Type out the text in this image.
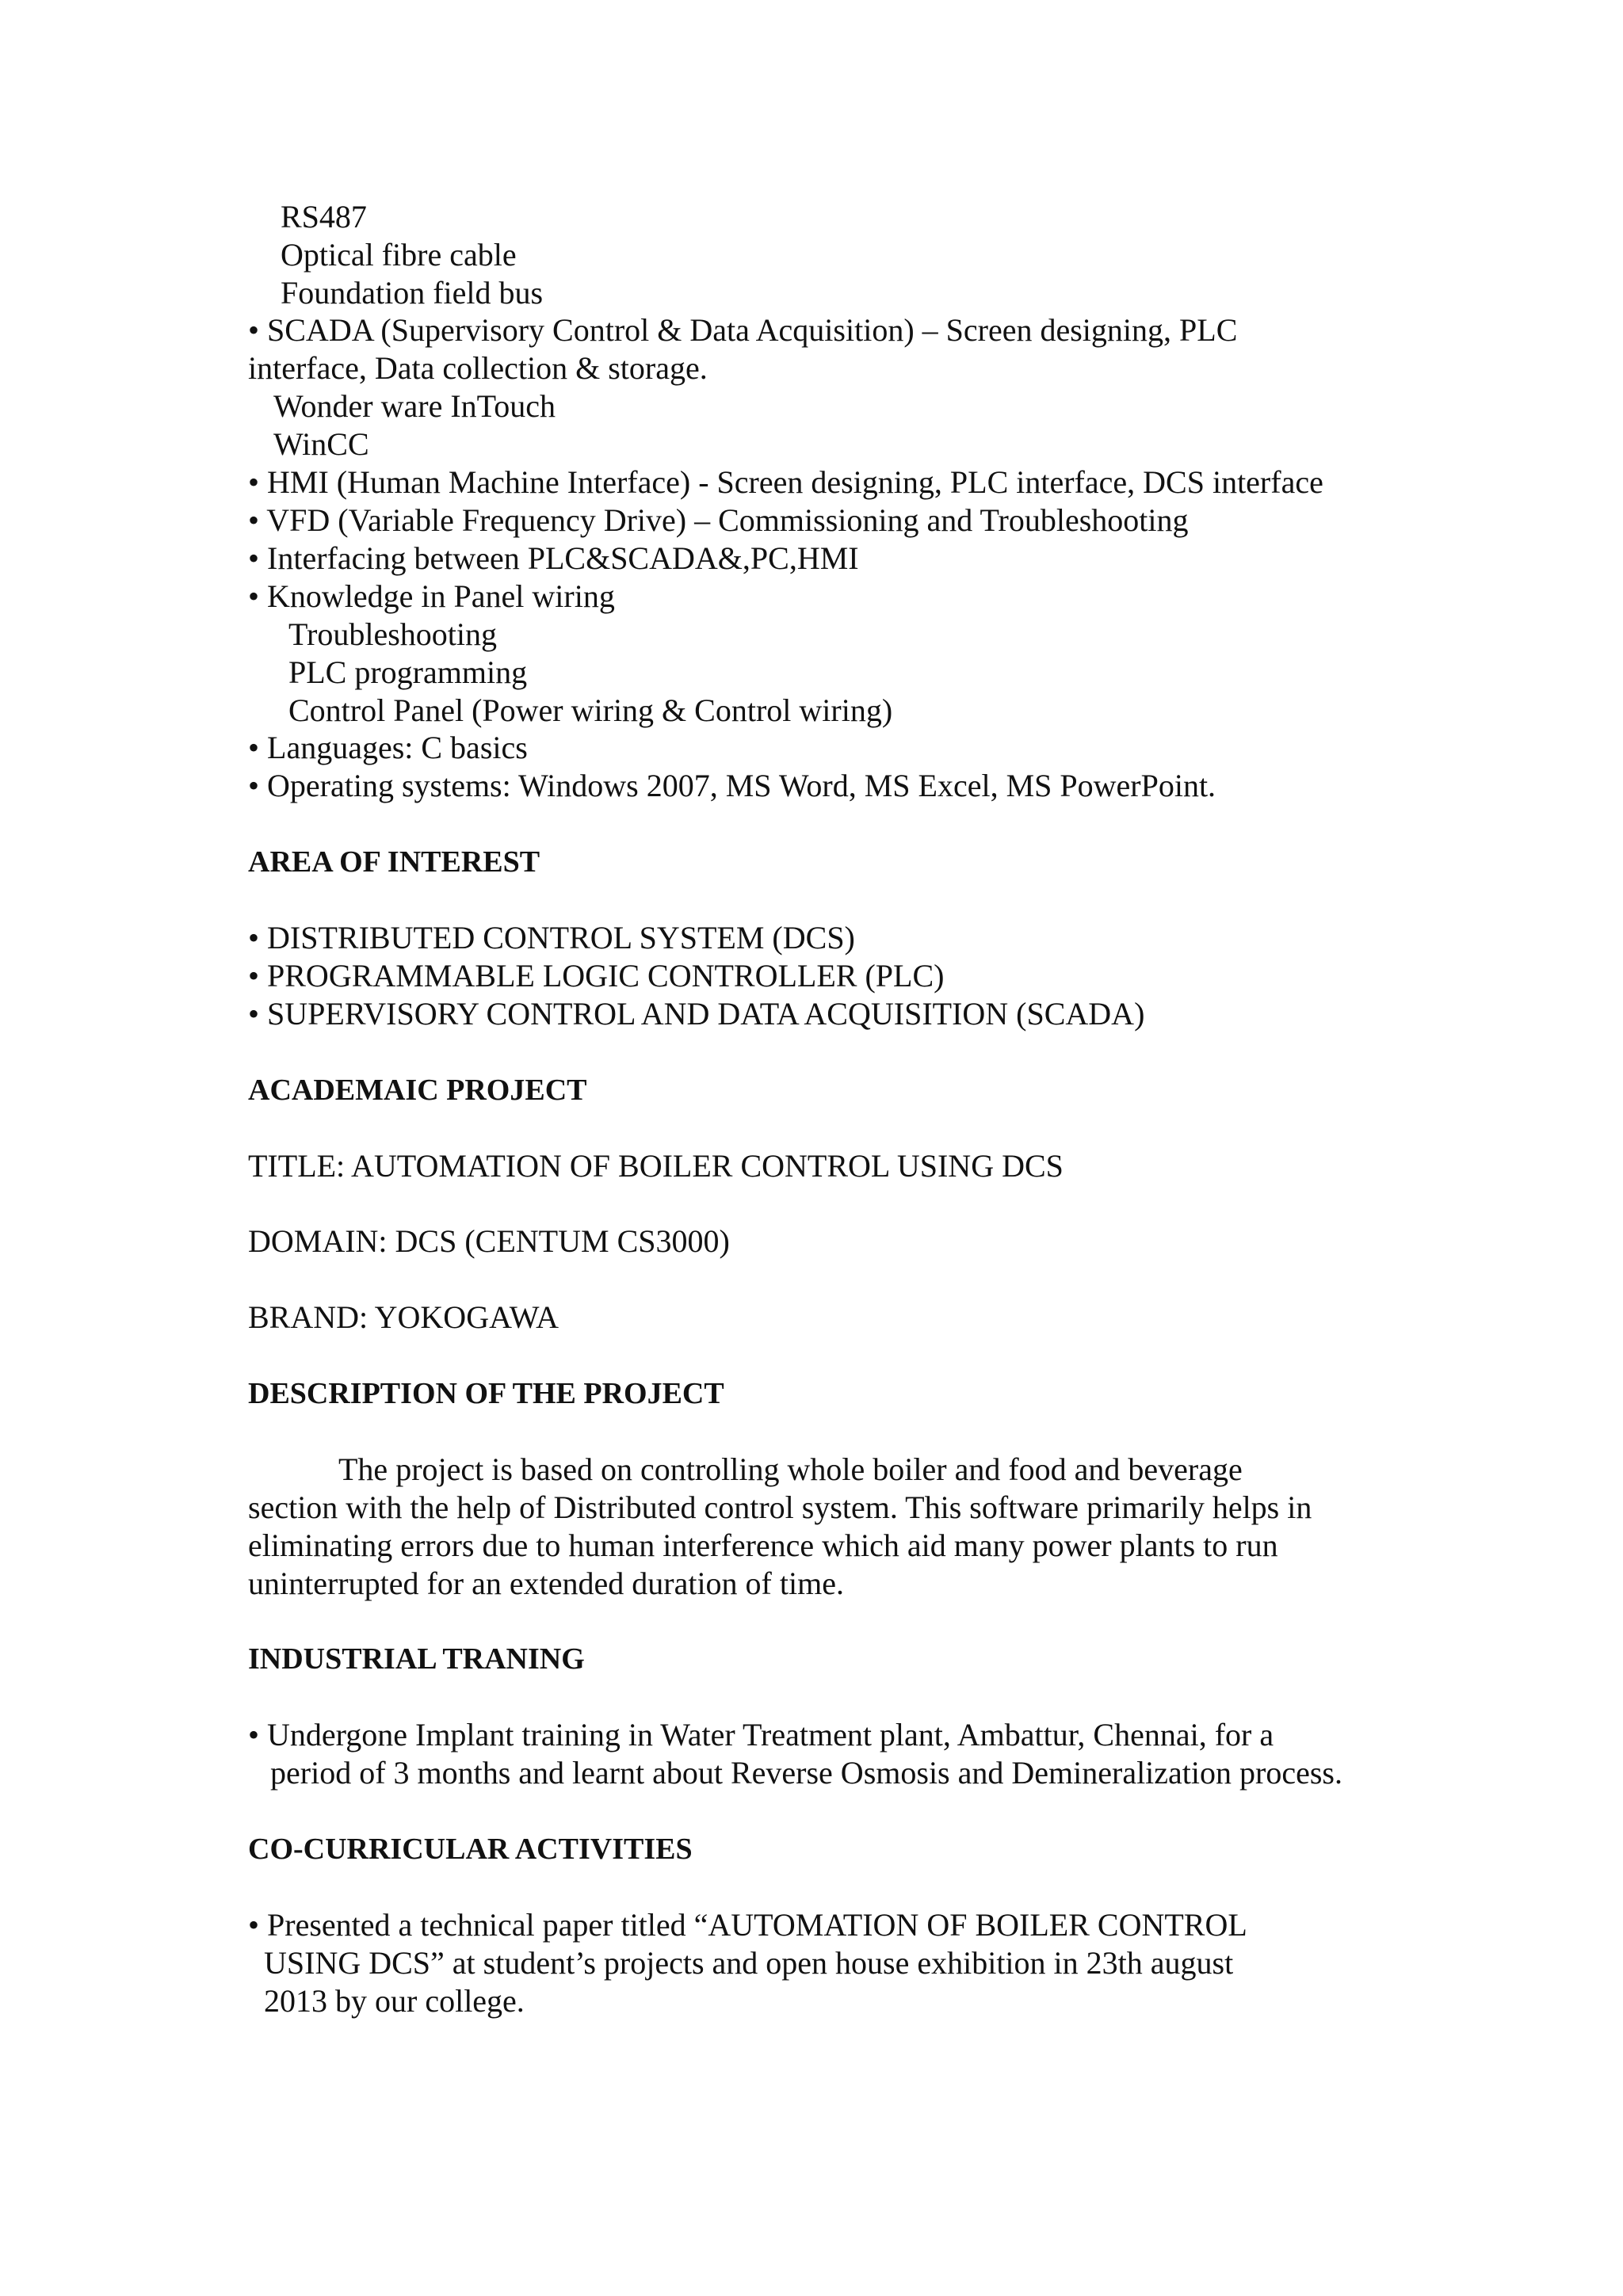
RS487
Optical fibre cable
Foundation field bus
• SCADA (Supervisory Control & Data Acquisition) – Screen designing, PLC
interface, Data collection & storage.
Wonder ware InTouch
WinCC
• HMI (Human Machine Interface) - Screen designing, PLC interface, DCS interface
• VFD (Variable Frequency Drive) – Commissioning and Troubleshooting
• Interfacing between PLC&SCADA&,PC,HMI
• Knowledge in Panel wiring
Troubleshooting
PLC programming
Control Panel (Power wiring & Control wiring)
• Languages: C basics
• Operating systems: Windows 2007, MS Word, MS Excel, MS PowerPoint.
AREA OF INTEREST
• DISTRIBUTED CONTROL SYSTEM (DCS)
• PROGRAMMABLE LOGIC CONTROLLER (PLC)
• SUPERVISORY CONTROL AND DATA ACQUISITION (SCADA)
ACADEMAIC PROJECT
TITLE: AUTOMATION OF BOILER CONTROL USING DCS
DOMAIN: DCS (CENTUM CS3000)
BRAND: YOKOGAWA
DESCRIPTION OF THE PROJECT
The project is based on controlling whole boiler and food and beverage
section with the help of Distributed control system. This software primarily helps in
eliminating errors due to human interference which aid many power plants to run
uninterrupted for an extended duration of time.
INDUSTRIAL TRANING
• Undergone Implant training in Water Treatment plant, Ambattur, Chennai, for a
period of 3 months and learnt about Reverse Osmosis and Demineralization process.
CO-CURRICULAR ACTIVITIES
• Presented a technical paper titled “AUTOMATION OF BOILER CONTROL
USING DCS” at student’s projects and open house exhibition in 23th august
2013 by our college.
